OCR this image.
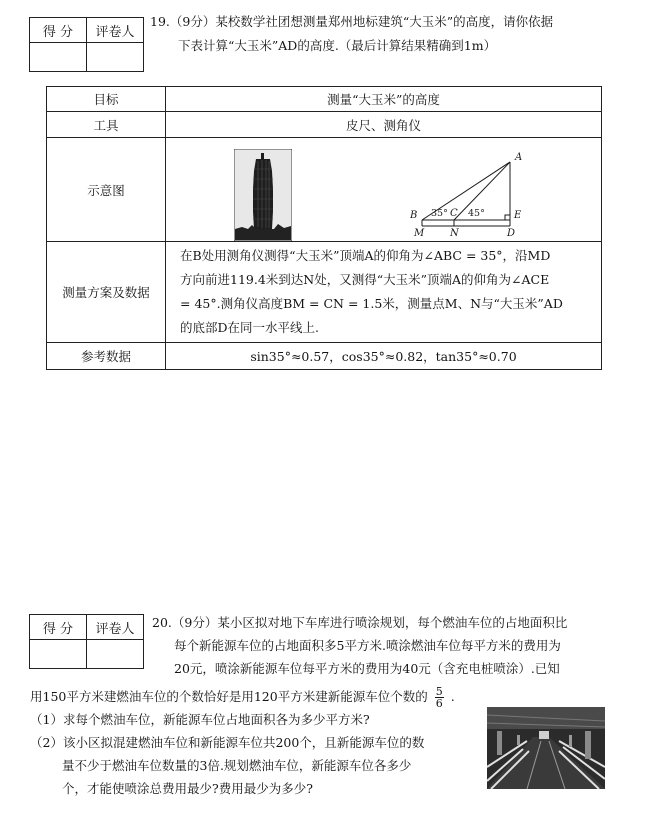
得 分	评卷人

19.（9分）某校数学社团想测量郑州地标建筑“大玉米”的高度，请你依据
下表计算“大玉米”AD的高度.（最后计算结果精确到1m）
目标	测量“大玉米”的高度
工具	皮尺、测角仪
示意图	
测量方案及数据	在B处用测角仪测得“大玉米”顶端A的仰角为∠ABC = 35°，沿MD
方向前进119.4米到达N处，又测得“大玉米”顶端A的仰角为∠ACE
= 45°.测角仪高度BM = CN = 1.5米，测量点M、N与“大玉米”AD
的底部D在同一水平线上.

参考数据	sin35°≈0.57，cos35°≈0.82，tan35°≈0.70
A
B	C	E
M	N	D
35° 45°
得 分	评卷人
	20.（9分）某小区拟对地下车库进行喷涂规划，每个燃油车位的占地面积比
每个新能源车位的占地面积多5平方米.喷涂燃油车位每平方米的费用为
20元，喷涂新能源车位每平方米的费用为40元（含充电桩喷涂）.已知
用150平方米建燃油车位的个数恰好是用120平方米建新能源车位个数的 $\frac{5}{6}$ .
（1）求每个燃油车位，新能源车位占地面积各为多少平方米?
（2）该小区拟混建燃油车位和新能源车位共200个，且新能源车位的数
量不少于燃油车位数量的3倍.规划燃油车位，新能源车位各多少
个，才能使喷涂总费用最少?费用最少为多少?
